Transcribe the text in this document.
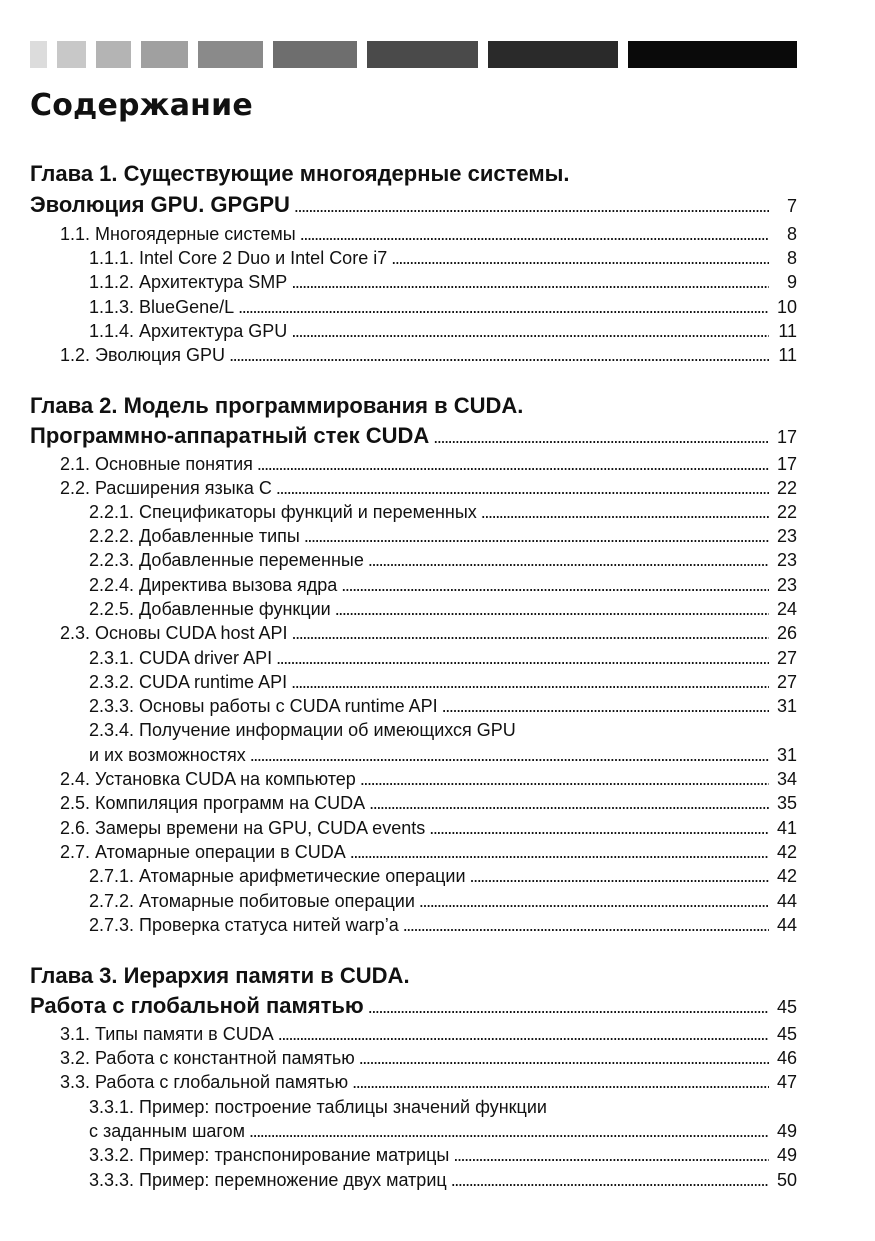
Содержание
Глава 1. Существующие многоядерные системы.
Эволюция GPU. GPGPU . . .	7
1.1. Многоядерные системы . . .	8
1.1.1. Intel Core 2 Duo и Intel Core i7 . . .	8
1.1.2. Архитектура SMP . . .	9
1.1.3. BlueGene/L . . .	10
1.1.4. Архитектура GPU . . .	11
1.2. Эволюция GPU . . .	11
Глава 2. Модель программирования в CUDA.
Программно-аппаратный стек CUDA . . .	17
2.1. Основные понятия . . .	17
2.2. Расширения языка С . . .	22
2.2.1. Спецификаторы функций и переменных . . .	22
2.2.2. Добавленные типы . . .	23
2.2.3. Добавленные переменные . . .	23
2.2.4. Директива вызова ядра . . .	23
2.2.5. Добавленные функции . . .	24
2.3. Основы CUDA host API . . .	26
2.3.1. CUDA driver API . . .	27
2.3.2. CUDA runtime API . . .	27
2.3.3. Основы работы с CUDA runtime API . . .	31
2.3.4. Получение информации об имеющихся GPU
и их возможностях . . .	31
2.4. Установка CUDA на компьютер . . .	34
2.5. Компиляция программ на CUDA . . .	35
2.6. Замеры времени на GPU, CUDA events . . .	41
2.7. Атомарные операции в CUDA . . .	42
2.7.1. Атомарные арифметические операции . . .	42
2.7.2. Атомарные побитовые операции . . .	44
2.7.3. Проверка статуса нитей warp’a . . .	44
Глава 3. Иерархия памяти в CUDA.
Работа с глобальной памятью . . .	45
3.1. Типы памяти в CUDA . . .	45
3.2. Работа с константной памятью . . .	46
3.3. Работа с глобальной памятью . . .	47
3.3.1. Пример: построение таблицы значений функции
с заданным шагом . . .	49
3.3.2. Пример: транспонирование матрицы . . .	49
3.3.3. Пример: перемножение двух матриц . . .	50
